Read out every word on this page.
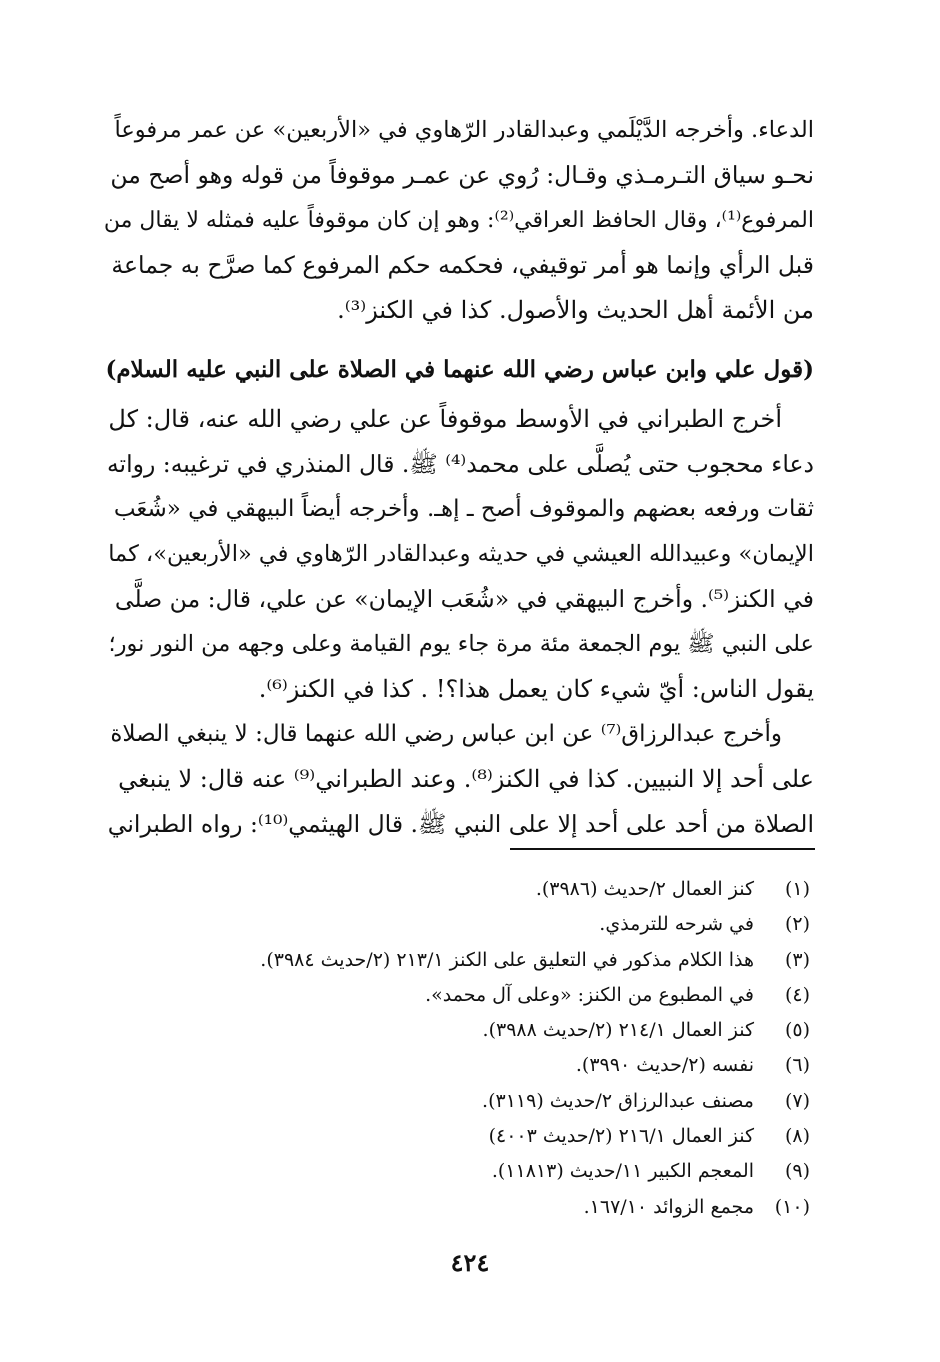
الدعاء. وأخرجه الدَّيْلَمي وعبدالقادر الرّهاوي في «الأربعين» عن عمر مرفوعاً
نحـو سياق التـرمـذي وقـال: رُوي عن عمـر موقوفاً من قوله وهو أصح من
المرفوع⁽¹⁾، وقال الحافظ العراقي⁽²⁾: وهو إن كان موقوفاً عليه فمثله لا يقال من
قبل الرأي وإنما هو أمر توقيفي، فحكمه حكم المرفوع كما صرَّح به جماعة
من الأئمة أهل الحديث والأصول. كذا في الكنز⁽³⁾.
(قول علي وابن عباس رضي الله عنهما في الصلاة على النبي عليه السلام)
أخرج الطبراني في الأوسط موقوفاً عن علي رضي الله عنه، قال: كل
دعاء محجوب حتى يُصلَّى على محمد⁽⁴⁾ ﷺ. قال المنذري في ترغيبه: رواته
ثقات ورفعه بعضهم والموقوف أصح ـ إهـ. وأخرجه أيضاً البيهقي في «شُعَب
الإيمان» وعبيدالله العيشي في حديثه وعبدالقادر الرّهاوي في «الأربعين»، كما
في الكنز⁽⁵⁾. وأخرج البيهقي في «شُعَب الإيمان» عن علي، قال: من صلَّى
على النبي ﷺ يوم الجمعة مئة مرة جاء يوم القيامة وعلى وجهه من النور نور؛
يقول الناس: أيّ شيء كان يعمل هذا؟! . كذا في الكنز⁽⁶⁾.
وأخرج عبدالرزاق⁽⁷⁾ عن ابن عباس رضي الله عنهما قال: لا ينبغي الصلاة
على أحد إلا النبيين. كذا في الكنز⁽⁸⁾. وعند الطبراني⁽⁹⁾ عنه قال: لا ينبغي
الصلاة من أحد على أحد إلا على النبي ﷺ. قال الهيثمي⁽¹⁰⁾: رواه الطبراني
(١)
كنز العمال ٢/حديث (٣٩٨٦).
(٢)
في شرحه للترمذي.
(٣)
هذا الكلام مذكور في التعليق على الكنز ٢١٣/١ (٢/حديث ٣٩٨٤).
(٤)
في المطبوع من الكنز: «وعلى آل محمد».
(٥)
كنز العمال ٢١٤/١ (٢/حديث ٣٩٨٨).
(٦)
نفسه (٢/حديث ٣٩٩٠).
(٧)
مصنف عبدالرزاق ٢/حديث (٣١١٩).
(٨)
كنز العمال ٢١٦/١ (٢/حديث ٤٠٠٣)
(٩)
المعجم الكبير ١١/حديث (١١٨١٣).
(١٠)
مجمع الزوائد ١٦٧/١٠.
٤٢٤
